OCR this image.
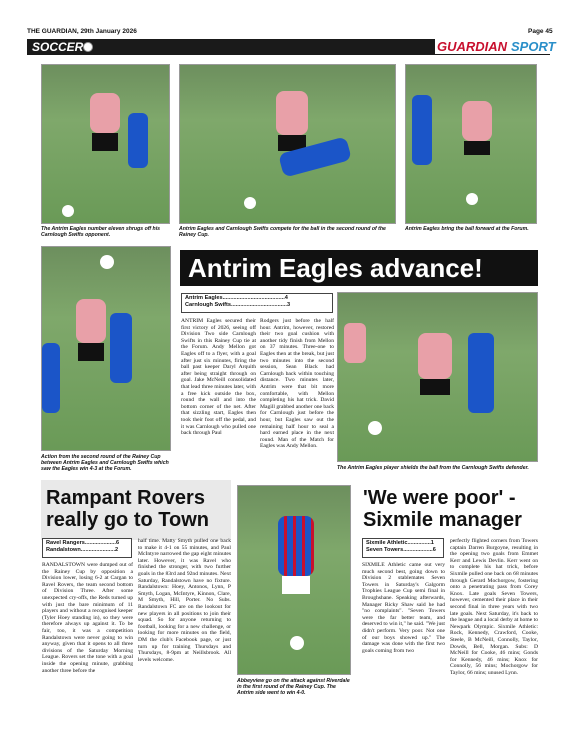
THE GUARDIAN, 29th January 2026	Page 45
SOCCER	GUARDIAN SPORT
The Antrim Eagles number eleven shrugs off his Carnlough Swifts opponent.
Antrim Eagles and Carnlough Swifts compete for the ball in the second round of the Rainey Cup.
Antrim Eagles bring the ball forward at the Forum.
Action from the second round of the Rainey Cup between Antrim Eagles and Carnlough Swifts which saw the Eagles win 4-3 at the Forum.
Antrim Eagles advance!
Antrim Eagles........................................4
Carnlough Swifts....................................3
ANTRIM Eagles secured their first victory of 2026, seeing off Division Two side Carnlough Swifts in this Rainey Cup tie at the Forum. Andy Mellon got Eagles off to a flyer, with a goal after just six minutes, firing the ball past keeper Daryl Arquith after being straight through on goal. Jake McNeill consolidated that lead three minutes later, with a free kick outside the box, round the wall and into the bottom corner of the net. After that sizzling start, Eagles then took their foot off the pedal, and it was Carnlough who pulled one back through Paul
Rodgers just before the half hour. Antrim, however, restored their two goal cushion with another tidy finish from Mellon on 37 minutes. Three-one to Eagles then at the break, but just two minutes into the second session, Sean Black had Carnlough back within touching distance. Two minutes later, Antrim were that bit more comfortable, with Mellon completing his hat trick. David Magill grabbed another one back for Carnlough just before the hour, but Eagles saw out the remaining half hour to seal a hard earned place in the next round. Man of the Match for Eagles was Andy Mellon.
The Antrim Eagles player shields the ball from the Carnlough Swifts defender.
Rampant Rovers
really go to Town
Ravel Rangers....................6
Randalstown......................2
RANDALSTOWN were dumped out of the Rainey Cup by opposition a Division lower, losing 6-2 at Cargan to Ravel Rovers, the team second bottom of Division Three. After some unexpected cry-offs, the Reds turned up with just the bare minimum of 11 players and without a recognised keeper (Tyler Hoey standing in), so they were therefore always up against it. To be fair, too, it was a competition Randalstown were never going to win anyway, given that it opens to all three divisions of the Saturday Morning League. Rovers set the tone with a goal inside the opening minute, grabbing another three before the
half time. Matty Smyth pulled one back to make it 4-1 on 55 minutes, and Paul McIntyre narrowed the gap eight minutes later. However, it was Ravel who finished the stronger, with two further goals in the 83rd and 92nd minutes. Next Saturday, Randalstown have no fixture. Randalstown: Hoey, Antonos, Lynn, P Smyth, Logan, McIntyre, Kinnon, Clare, M Smyth, Hill, Porter. No Subs. Randalstown FC are on the lookout for new players in all positions to join their squad. So for anyone returning to football, looking for a new challenge, or looking for more minutes on the field, DM the club's Facebook page, or just turn up for training Thursdays and Thursdays, 8-9pm at Neillsbrook. All levels welcome.
Abbeyview go on the attack against Riverdale in the first round of the Rainey Cup. The Antrim side went to win 4-0.
'We were poor' -
Sixmile manager
Sixmile Athletic...............1
Seven Towers...................6
SIXMILE Athletic came out very much second best, going down to Division 2 stablemates Seven Towers in Saturday's Galgorm Trophies League Cup semi final in Broughshane. Speaking afterwards, Manager Ricky Shaw said he had "no complaints". "Seven Towers were the far better team, and deserved to win it," he said. "We just didn't perform. Very poor. Not one of our boys showed up." The damage was done with the first two goals coming from two
perfectly flighted corners from Towers captain Darren Burgoyne, resulting in the opening two goals from Emmet Kerr and Lewis Devlin. Kerr went on to complete his hat trick, before Sixmile pulled one back on 68 minutes through Gerard Mochorgow, fostering onto a penetrating pass from Corey Knox. Late goals Seven Towers, however, cemented their place in their second final in three years with two late goals. Next Saturday, it's back to the league and a local derby at home to Newpark Olympic. Sixmile Athletic: Rock, Kennedy, Crawford, Cooke, Steele, B McNeill, Connolly, Taylor, Dowds, Bell, Morgan. Subs: D McNeill for Cooke, 46 mins; Gonds for Kennedy, 46 mins; Knox for Connolly, 56 mins; Mochorgow for Taylor, 66 mins; unused Lynn.
